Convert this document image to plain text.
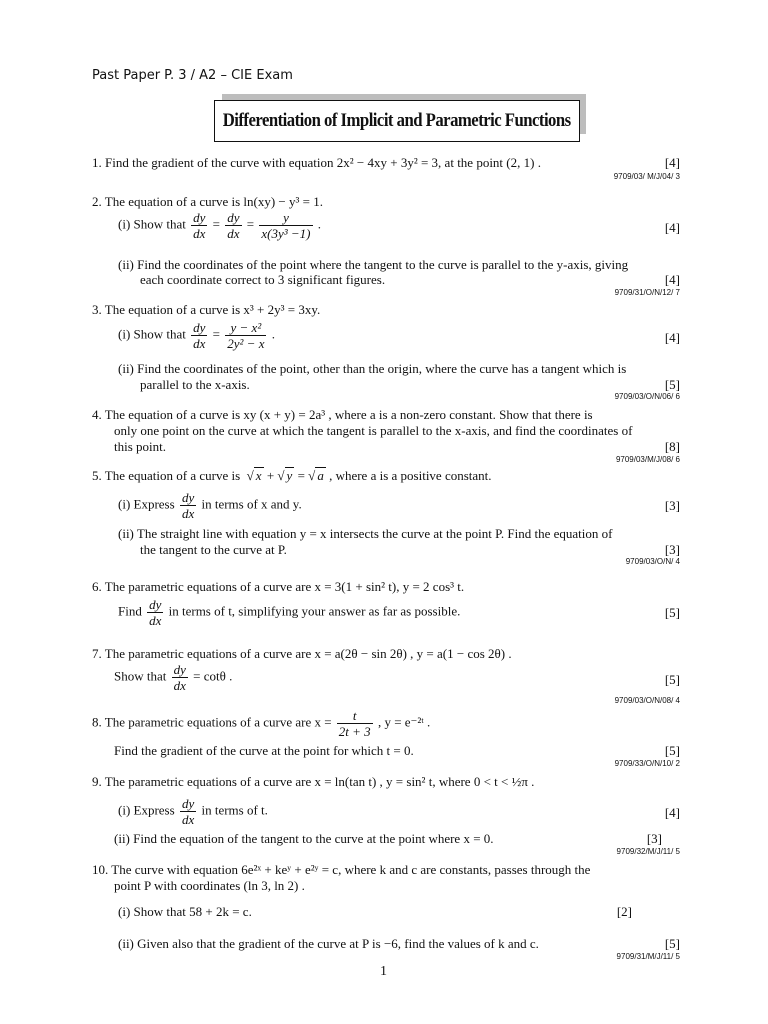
Past Paper P. 3 / A2 – CIE Exam
Differentiation of Implicit and Parametric Functions
1. Find the gradient of the curve with equation 2x² − 4xy + 3y² = 3, at the point (2, 1) .	[4]
9709/03/ M/J/04/ 3
2. The equation of a curve is ln(xy) − y³ = 1.
(i) Show that $\frac{dy}{dx} = \frac{dy}{dx} = \frac{y}{\text{x(3y³ −1)}}$ .	[4]
(ii) Find the coordinates of the point where the tangent to the curve is parallel to the y-axis, giving
each coordinate correct to 3 significant figures.	[4]
9709/31/O/N/12/ 7
3. The equation of a curve is x³ + 2y³ = 3xy.
(i) Show that $\frac{dy}{dx} = \frac{\text{y − x²}}{\text{2y² − x}}$ .	[4]
(ii) Find the coordinates of the point, other than the origin, where the curve has a tangent which is
parallel to the x-axis.	[5]
9709/03/O/N/06/ 6
4. The equation of a curve is xy (x + y) = 2a³ , where a is a non-zero constant. Show that there is
only one point on the curve at which the tangent is parallel to the x-axis, and find the coordinates of
this point.	[8]
9709/03/M/J/08/ 6
5. The equation of a curve is  √ x + √ y = √ a , where a is a positive constant.
(i) Express $\frac{dy}{dx}$ in terms of x and y.	[3]
(ii) The straight line with equation y = x intersects the curve at the point P. Find the equation of
the tangent to the curve at P.	[3]
9709/03/O/N/ 4
6. The parametric equations of a curve are x = 3(1 + sin² t), y = 2 cos³ t.
Find $\frac{dy}{dx}$ in terms of t, simplifying your answer as far as possible.	[5]
7. The parametric equations of a curve are x = a(2θ − sin 2θ) , y = a(1 − cos 2θ) .
Show that $\frac{dy}{dx} = \cot\theta$ .	[5]
9709/03/O/N/08/ 4
8. The parametric equations of a curve are $x = \frac{t}{2t + 3}$ , y = e⁻²ᵗ .
Find the gradient of the curve at the point for which t = 0.	[5]
9709/33/O/N/10/ 2
9. The parametric equations of a curve are x = ln(tan t) , y = sin² t, where 0 < t < ½π .
(i) Express $\frac{dy}{dx}$ in terms of t.	[4]
(ii) Find the equation of the tangent to the curve at the point where x = 0.	[3]
9709/32/M/J/11/ 5
10. The curve with equation 6e²ˣ + keʸ + e²ʸ = c, where k and c are constants, passes through the
point P with coordinates (ln 3, ln 2) .
(i) Show that 58 + 2k = c.	[2]
(ii) Given also that the gradient of the curve at P is −6, find the values of k and c.	[5]
9709/31/M/J/11/ 5
1
